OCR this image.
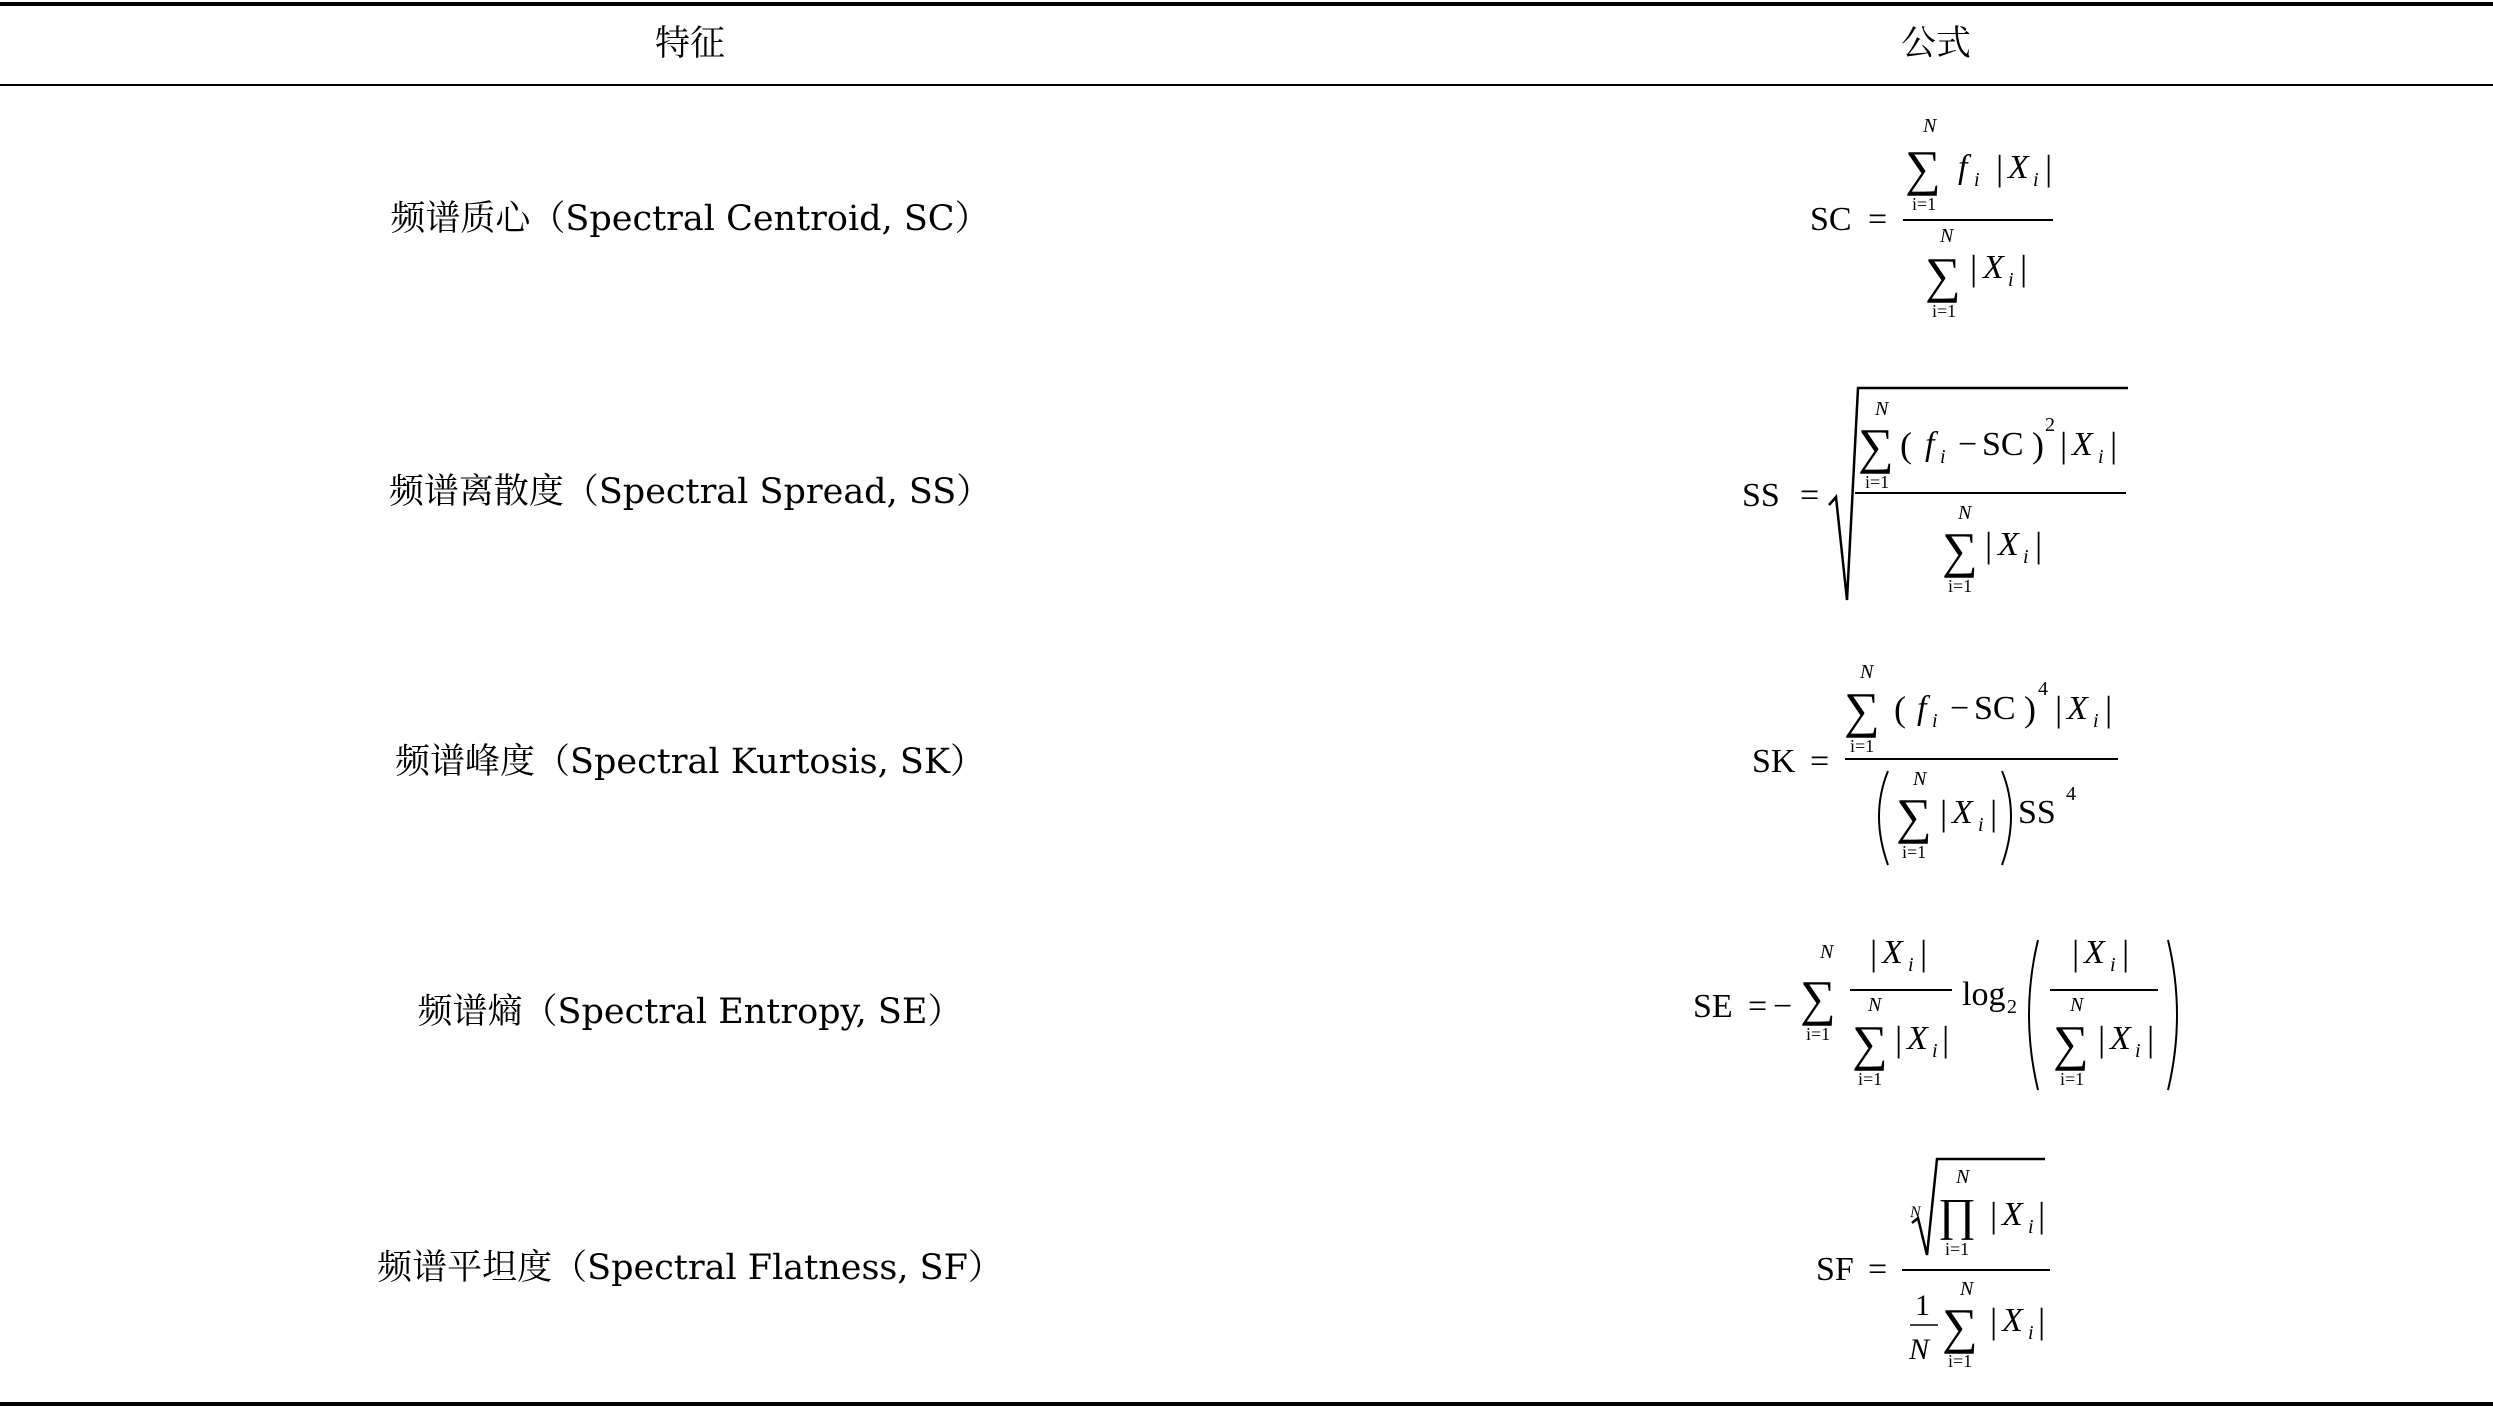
特征	公式
频谱质心（Spectral Centroid, SC）	SC =
N
∑
i=1
f i | X i |
N
∑
i=1
| X i |
频谱离散度（Spectral Spread, SS）	SS =
N
∑
i=1
( f i − SC ) 2 | X i |
N
∑
i=1
| X i |
频谱峰度（Spectral Kurtosis, SK）	SK =
N
∑
i=1
( f i − SC ) 4 | X i |
N
∑
i=1
| X i | SS 4
频谱熵（Spectral Entropy, SE）	SE = −
N
∑
i=1
| X i |
N
∑
i=1
| X i |
log 2
| X i |
N
∑
i=1
| X i |
频谱平坦度（Spectral Flatness, SF）	SF =
N
N
∏
i=1
| X i |
1
N
N
∑
i=1
| X i |
